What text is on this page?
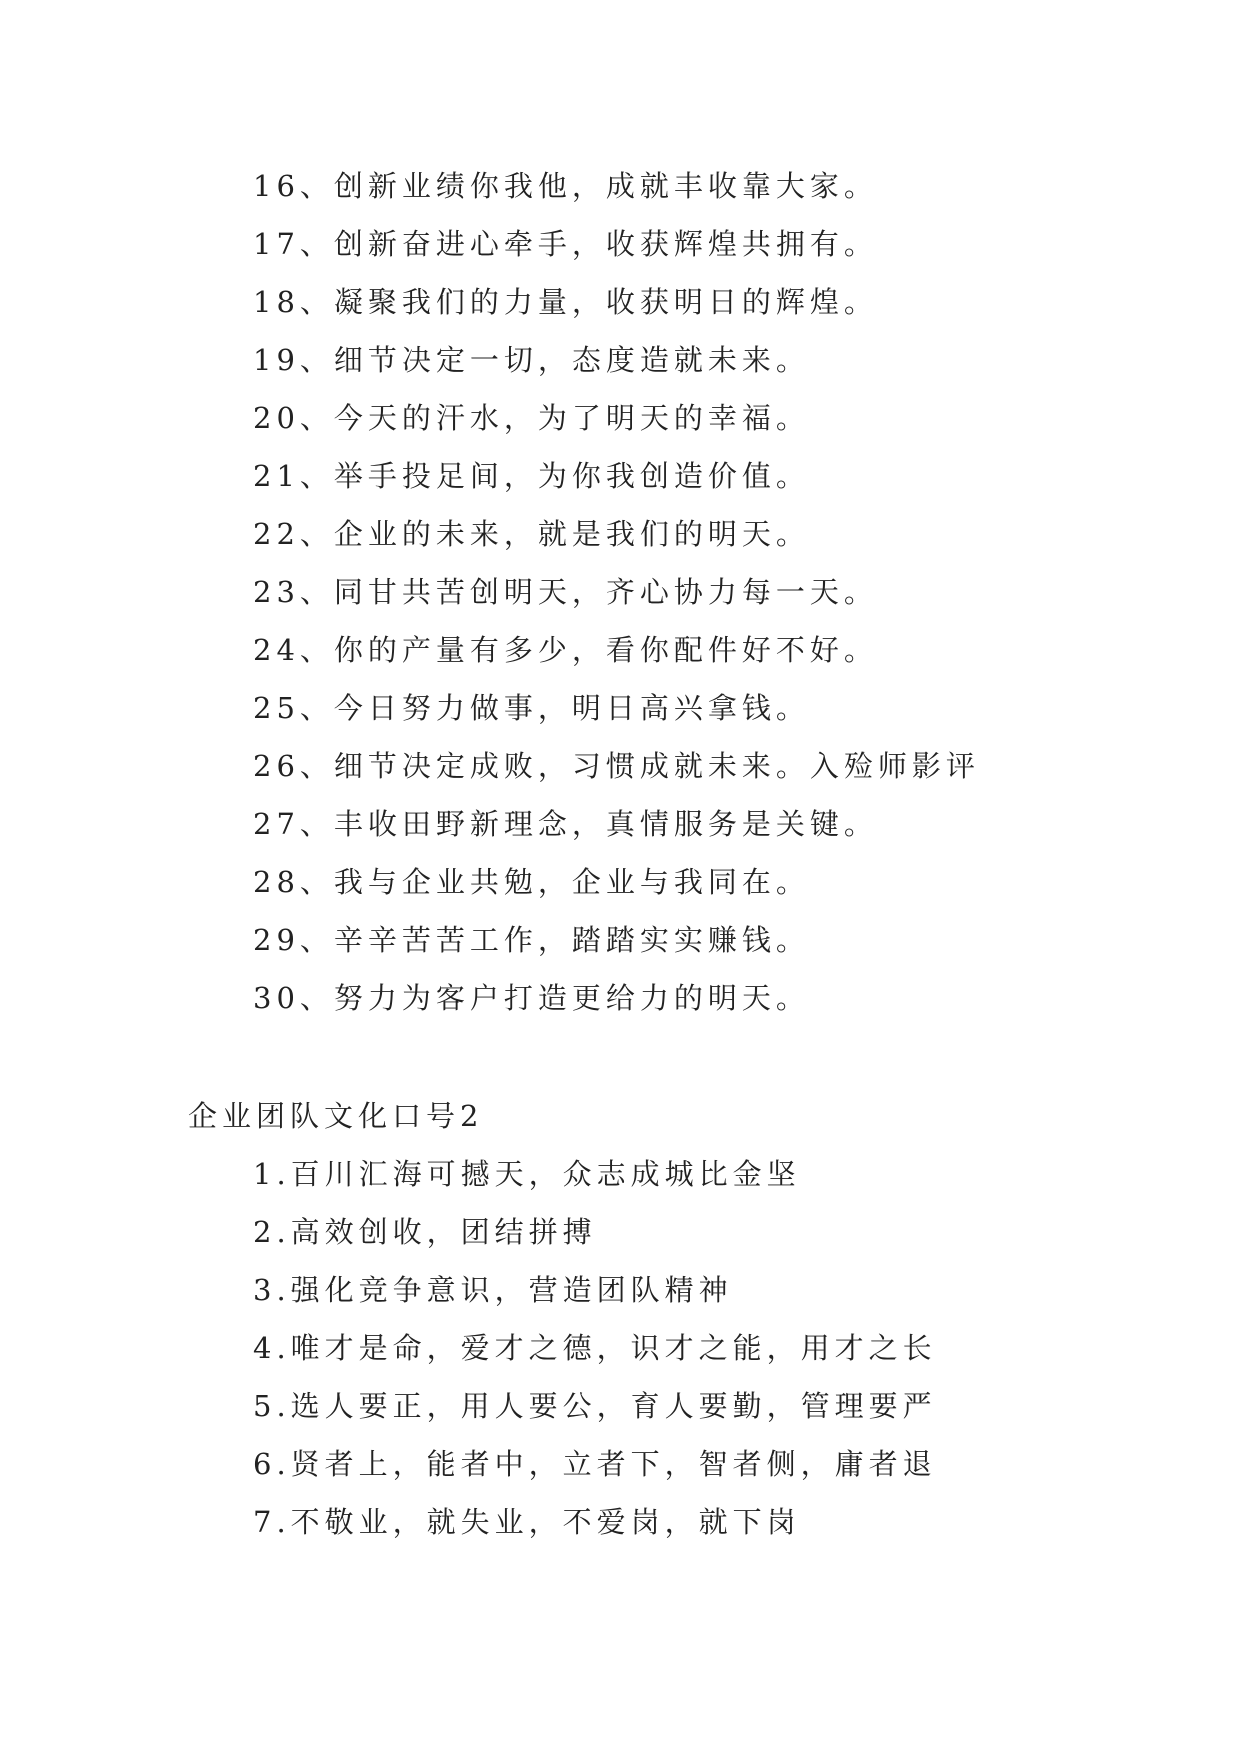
16、创新业绩你我他，成就丰收靠大家。
17、创新奋进心牵手，收获辉煌共拥有。
18、凝聚我们的力量，收获明日的辉煌。
19、细节决定一切，态度造就未来。
20、今天的汗水，为了明天的幸福。
21、举手投足间，为你我创造价值。
22、企业的未来，就是我们的明天。
23、同甘共苦创明天，齐心协力每一天。
24、你的产量有多少，看你配件好不好。
25、今日努力做事，明日高兴拿钱。
26、细节决定成败，习惯成就未来。入殓师影评
27、丰收田野新理念，真情服务是关键。
28、我与企业共勉，企业与我同在。
29、辛辛苦苦工作，踏踏实实赚钱。
30、努力为客户打造更给力的明天。
企业团队文化口号2
1.百川汇海可撼天，众志成城比金坚
2.高效创收，团结拼搏
3.强化竞争意识，营造团队精神
4.唯才是命，爱才之德，识才之能，用才之长
5.选人要正，用人要公，育人要勤，管理要严
6.贤者上，能者中，立者下，智者侧，庸者退
7.不敬业，就失业，不爱岗，就下岗
